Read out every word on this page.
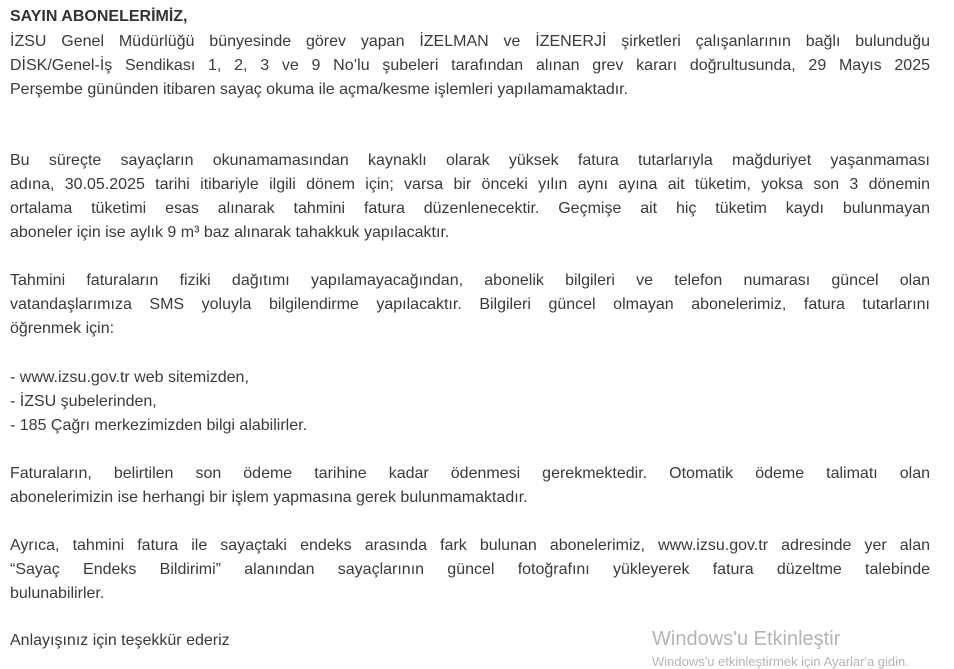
SAYIN ABONELERİMİZ,
İZSU Genel Müdürlüğü bünyesinde görev yapan İZELMAN ve İZENERJİ şirketleri çalışanlarının bağlı bulunduğu
DİSK/Genel-İş Sendikası 1, 2, 3 ve 9 No’lu şubeleri tarafından alınan grev kararı doğrultusunda, 29 Mayıs 2025
Perşembe gününden itibaren sayaç okuma ile açma/kesme işlemleri yapılamamaktadır.
Bu süreçte sayaçların okunamamasından kaynaklı olarak yüksek fatura tutarlarıyla mağduriyet yaşanmaması
adına, 30.05.2025 tarihi itibariyle ilgili dönem için; varsa bir önceki yılın aynı ayına ait tüketim, yoksa son 3 dönemin
ortalama tüketimi esas alınarak tahmini fatura düzenlenecektir. Geçmişe ait hiç tüketim kaydı bulunmayan
aboneler için ise aylık 9 m³ baz alınarak tahakkuk yapılacaktır.
Tahmini faturaların fiziki dağıtımı yapılamayacağından, abonelik bilgileri ve telefon numarası güncel olan
vatandaşlarımıza SMS yoluyla bilgilendirme yapılacaktır. Bilgileri güncel olmayan abonelerimiz, fatura tutarlarını
öğrenmek için:
- www.izsu.gov.tr web sitemizden,
- İZSU şubelerinden,
- 185 Çağrı merkezimizden bilgi alabilirler.
Faturaların, belirtilen son ödeme tarihine kadar ödenmesi gerekmektedir. Otomatik ödeme talimatı olan
abonelerimizin ise herhangi bir işlem yapmasına gerek bulunmamaktadır.
Ayrıca, tahmini fatura ile sayaçtaki endeks arasında fark bulunan abonelerimiz, www.izsu.gov.tr adresinde yer alan
“Sayaç Endeks Bildirimi” alanından sayaçlarının güncel fotoğrafını yükleyerek fatura düzeltme talebinde
bulunabilirler.
Anlayışınız için teşekkür ederiz	Windows'u Etkinleştir
Windows'u etkinleştirmek için Ayarlar'a gidin.
